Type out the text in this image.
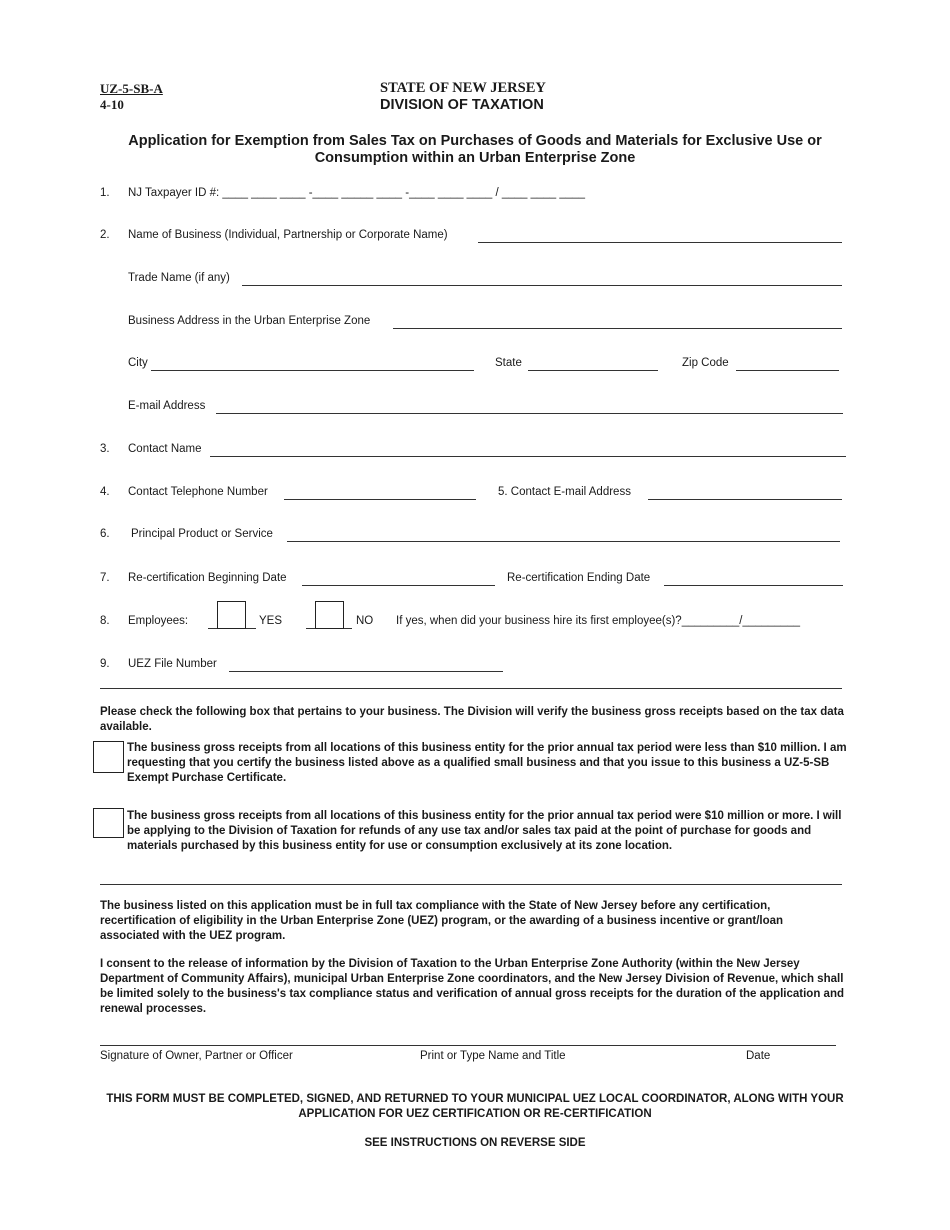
UZ-5-SB-A
4-10
STATE OF NEW JERSEY
DIVISION OF TAXATION
Application for Exemption from Sales Tax on Purchases of Goods and Materials for Exclusive Use or Consumption within an Urban Enterprise Zone
1. NJ Taxpayer ID #: ____ ____ ____ -____ _____ ____ -____ ____ ____ / ____ ____ ____
2. Name of Business (Individual, Partnership or Corporate Name)
Trade Name (if any)
Business Address in the Urban Enterprise Zone
City	State	Zip Code
E-mail Address
3. Contact Name
4. Contact Telephone Number	5. Contact E-mail Address
6. Principal Product or Service
7. Re-certification Beginning Date	Re-certification Ending Date
8. Employees:	YES	NO If yes, when did your business hire its first employee(s)?_________/_________
9. UEZ File Number
Please check the following box that pertains to your business. The Division will verify the business gross receipts based on the tax data available.
The business gross receipts from all locations of this business entity for the prior annual tax period were less than $10 million. I am requesting that you certify the business listed above as a qualified small business and that you issue to this business a UZ-5-SB Exempt Purchase Certificate.
The business gross receipts from all locations of this business entity for the prior annual tax period were $10 million or more. I will be applying to the Division of Taxation for refunds of any use tax and/or sales tax paid at the point of purchase for goods and materials purchased by this business entity for use or consumption exclusively at its zone location.
The business listed on this application must be in full tax compliance with the State of New Jersey before any certification, recertification of eligibility in the Urban Enterprise Zone (UEZ) program, or the awarding of a business incentive or grant/loan associated with the UEZ program.
I consent to the release of information by the Division of Taxation to the Urban Enterprise Zone Authority (within the New Jersey Department of Community Affairs), municipal Urban Enterprise Zone coordinators, and the New Jersey Division of Revenue, which shall be limited solely to the business's tax compliance status and verification of annual gross receipts for the duration of the application and renewal processes.
Signature of Owner, Partner or Officer	Print or Type Name and Title	Date
THIS FORM MUST BE COMPLETED, SIGNED, AND RETURNED TO YOUR MUNICIPAL UEZ LOCAL COORDINATOR, ALONG WITH YOUR APPLICATION FOR UEZ CERTIFICATION OR RE-CERTIFICATION
SEE INSTRUCTIONS ON REVERSE SIDE
